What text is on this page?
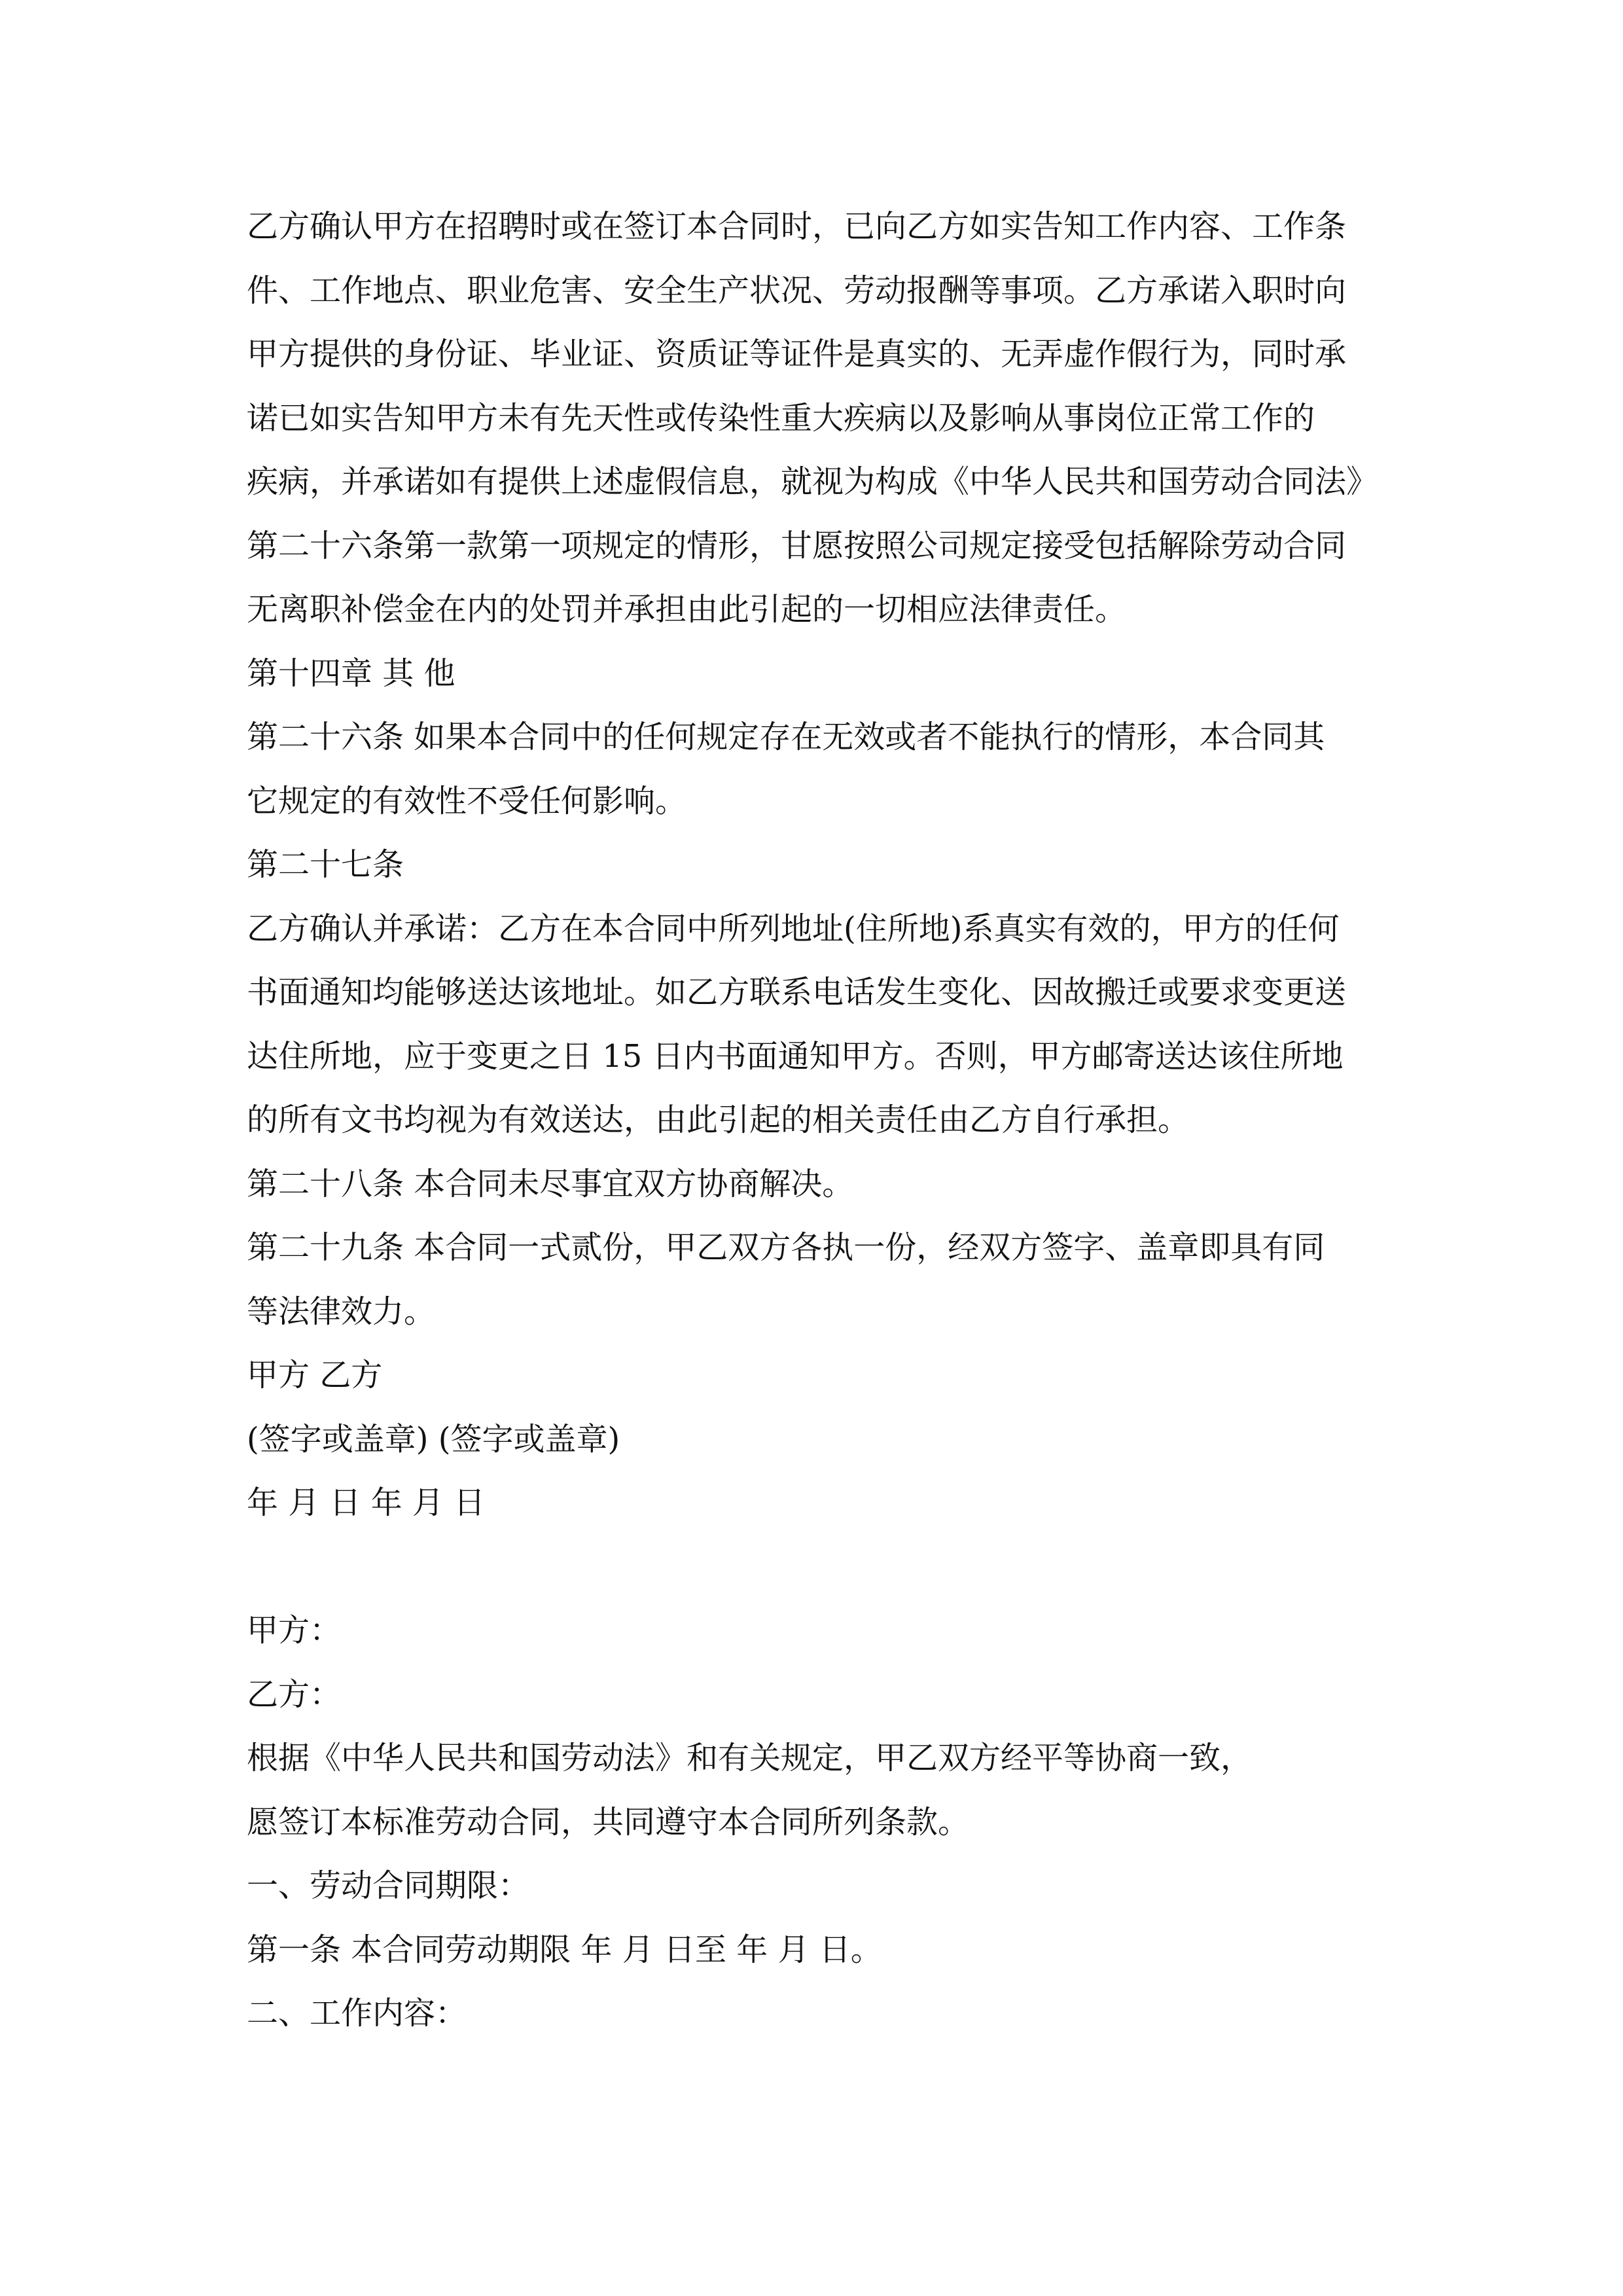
乙方确认甲方在招聘时或在签订本合同时，已向乙方如实告知工作内容、工作条
件、工作地点、职业危害、安全生产状况、劳动报酬等事项。乙方承诺入职时向
甲方提供的身份证、毕业证、资质证等证件是真实的、无弄虚作假行为，同时承
诺已如实告知甲方未有先天性或传染性重大疾病以及影响从事岗位正常工作的
疾病，并承诺如有提供上述虚假信息，就视为构成《中华人民共和国劳动合同法》
第二十六条第一款第一项规定的情形，甘愿按照公司规定接受包括解除劳动合同
无离职补偿金在内的处罚并承担由此引起的一切相应法律责任。
第十四章 其 他
第二十六条 如果本合同中的任何规定存在无效或者不能执行的情形，本合同其
它规定的有效性不受任何影响。
第二十七条
乙方确认并承诺：乙方在本合同中所列地址(住所地)系真实有效的，甲方的任何
书面通知均能够送达该地址。如乙方联系电话发生变化、因故搬迁或要求变更送
达住所地，应于变更之日 15 日内书面通知甲方。否则，甲方邮寄送达该住所地
的所有文书均视为有效送达，由此引起的相关责任由乙方自行承担。
第二十八条 本合同未尽事宜双方协商解决。
第二十九条 本合同一式贰份，甲乙双方各执一份，经双方签字、盖章即具有同
等法律效力。
甲方 乙方
(签字或盖章) (签字或盖章)
年 月 日 年 月 日
甲方：
乙方：
根据《中华人民共和国劳动法》和有关规定，甲乙双方经平等协商一致，
愿签订本标准劳动合同，共同遵守本合同所列条款。
一、劳动合同期限：
第一条 本合同劳动期限 年 月 日至 年 月 日。
二、工作内容：
